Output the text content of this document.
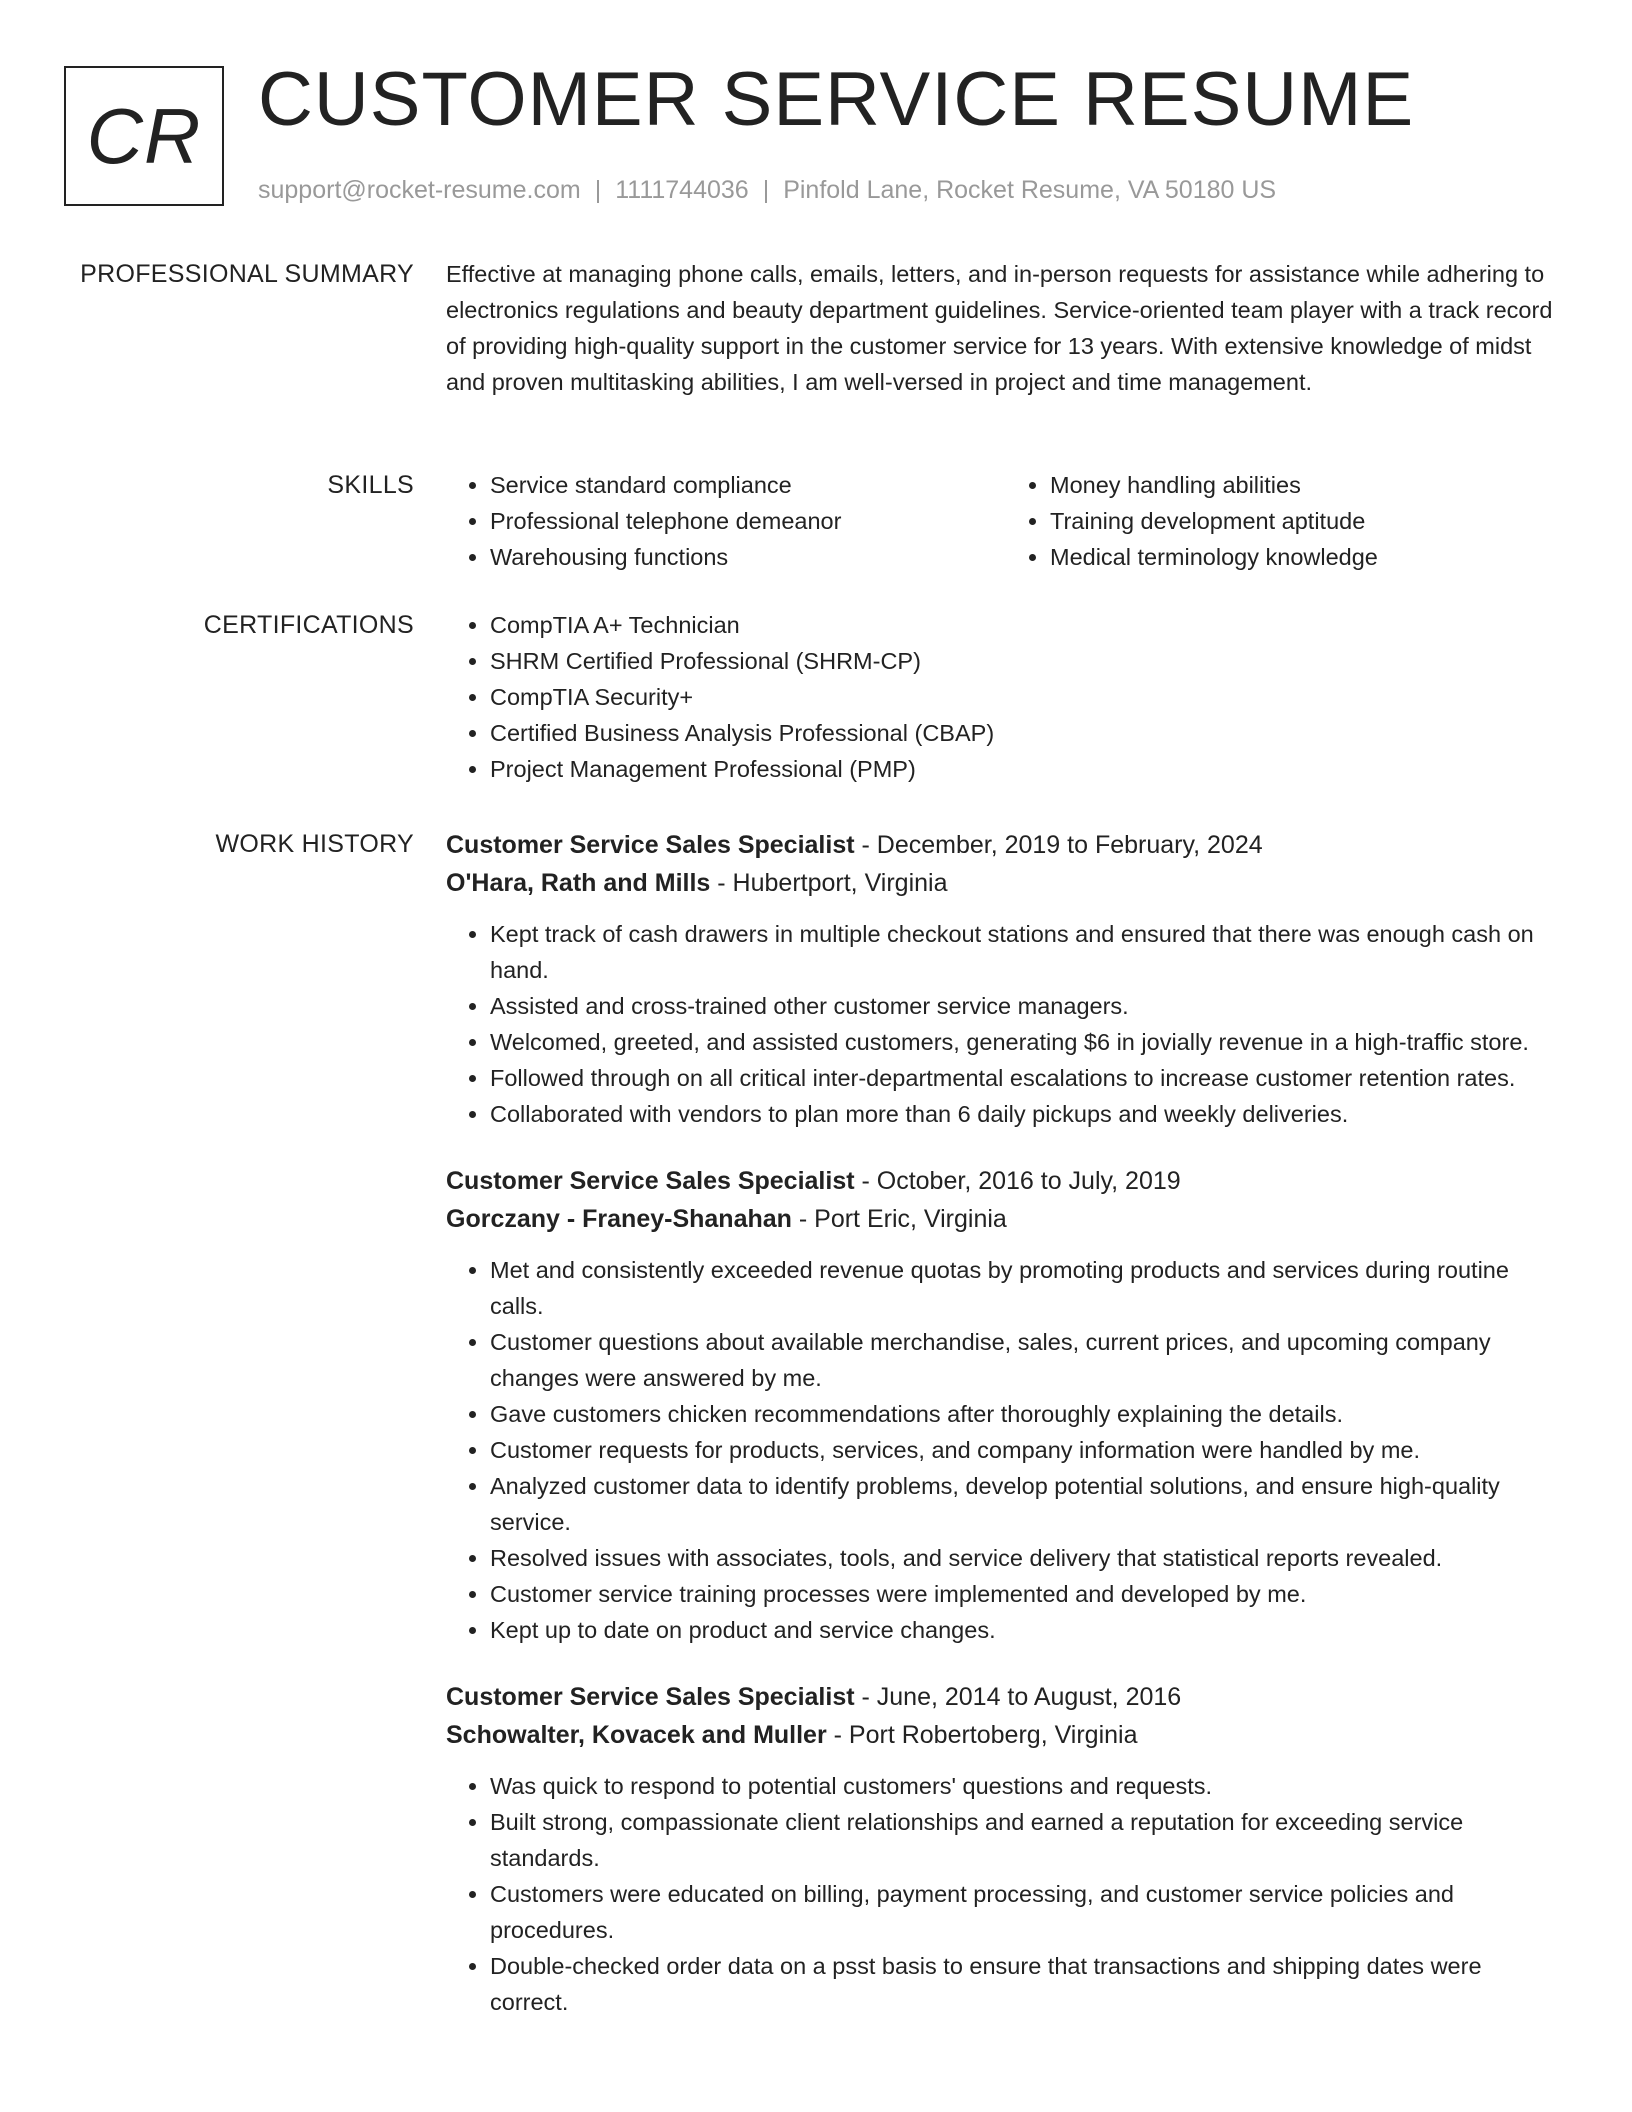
CR CUSTOMER SERVICE RESUME
support@rocket-resume.com | 1111744036 | Pinfold Lane, Rocket Resume, VA 50180 US
PROFESSIONAL SUMMARY Effective at managing phone calls, emails, letters, and in-person requests for assistance while adhering to electronics regulations and beauty department guidelines. Service-oriented team player with a track record of providing high-quality support in the customer service for 13 years. With extensive knowledge of midst and proven multitasking abilities, I am well-versed in project and time management.

SKILLS	• Service standard compliance
• Professional telephone demeanor
• Warehousing functions
• Money handling abilities
• Training development aptitude
• Medical terminology knowledge
CERTIFICATIONS	• CompTIA A+ Technician
• SHRM Certified Professional (SHRM-CP)
• CompTIA Security+
• Certified Business Analysis Professional (CBAP)
• Project Management Professional (PMP)
WORK HISTORY Customer Service Sales Specialist - December, 2019 to February, 2024
O'Hara, Rath and Mills - Hubertport, Virginia
• Kept track of cash drawers in multiple checkout stations and ensured that there was enough cash on hand.
• Assisted and cross-trained other customer service managers.
• Welcomed, greeted, and assisted customers, generating $6 in jovially revenue in a high-traffic store.
• Followed through on all critical inter-departmental escalations to increase customer retention rates.
• Collaborated with vendors to plan more than 6 daily pickups and weekly deliveries.
Customer Service Sales Specialist - October, 2016 to July, 2019
Gorczany - Franey-Shanahan - Port Eric, Virginia
• Met and consistently exceeded revenue quotas by promoting products and services during routine calls.
• Customer questions about available merchandise, sales, current prices, and upcoming company changes were answered by me.
• Gave customers chicken recommendations after thoroughly explaining the details.
• Customer requests for products, services, and company information were handled by me.
• Analyzed customer data to identify problems, develop potential solutions, and ensure high-quality service.
• Resolved issues with associates, tools, and service delivery that statistical reports revealed.
• Customer service training processes were implemented and developed by me.
• Kept up to date on product and service changes.
Customer Service Sales Specialist - June, 2014 to August, 2016
Schowalter, Kovacek and Muller - Port Robertoberg, Virginia
• Was quick to respond to potential customers' questions and requests.
• Built strong, compassionate client relationships and earned a reputation for exceeding service standards.
• Customers were educated on billing, payment processing, and customer service policies and procedures.
• Double-checked order data on a psst basis to ensure that transactions and shipping dates were correct.
